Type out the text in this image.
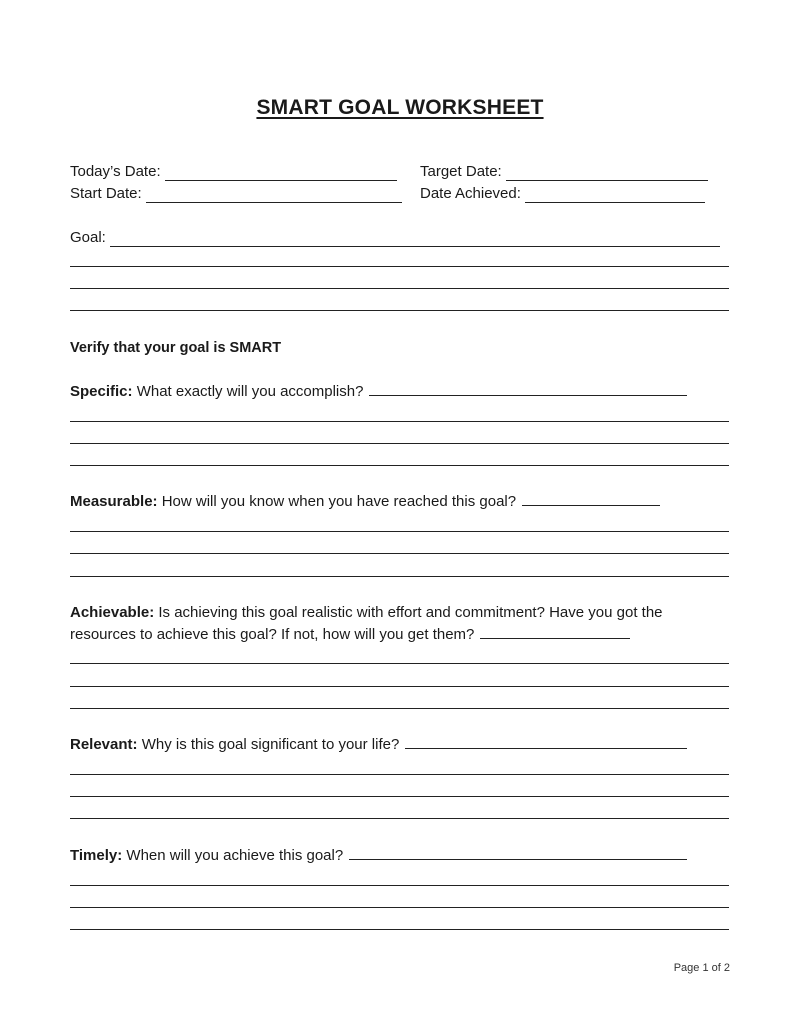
SMART GOAL WORKSHEET
Today’s Date:	Target Date:
Start Date:	Date Achieved:
Goal:
Verify that your goal is SMART
Specific: What exactly will you accomplish?
Measurable: How will you know when you have reached this goal?
Achievable: Is achieving this goal realistic with effort and commitment? Have you got the resources to achieve this goal? If not, how will you get them?
Relevant: Why is this goal significant to your life?
Timely: When will you achieve this goal?
Page 1 of 2
